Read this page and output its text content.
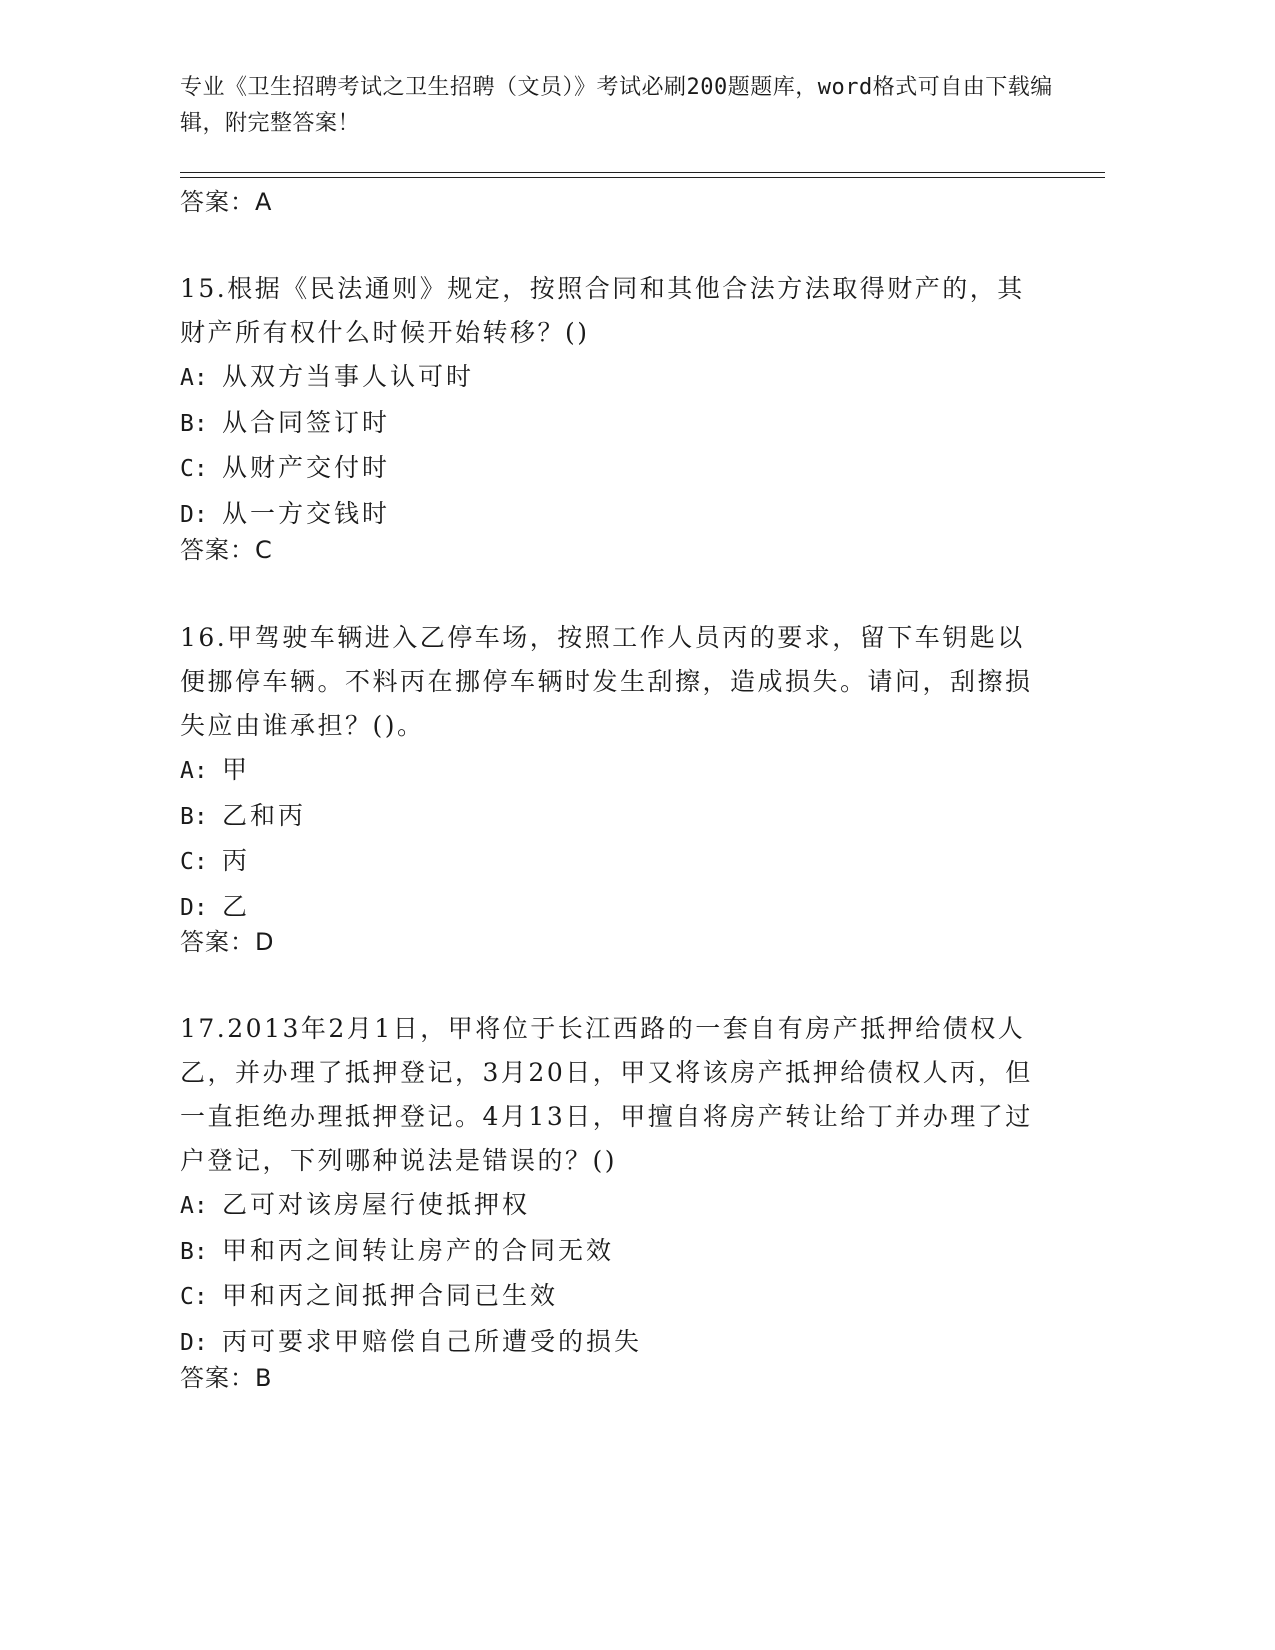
专业《卫生招聘考试之卫生招聘（文员）》考试必刷200题题库，word格式可自由下载编辑，附完整答案！
答案：A

15.根据《民法通则》规定，按照合同和其他合法方法取得财产的，其财产所有权什么时候开始转移？()

A: 从双方当事人认可时
B: 从合同签订时
C: 从财产交付时
D: 从一方交钱时
答案：C

16.甲驾驶车辆进入乙停车场，按照工作人员丙的要求，留下车钥匙以便挪停车辆。不料丙在挪停车辆时发生刮擦，造成损失。请问，刮擦损失应由谁承担？()。

A: 甲
B: 乙和丙
C: 丙
D: 乙
答案：D

17.2013年2月1日，甲将位于长江西路的一套自有房产抵押给债权人乙，并办理了抵押登记，3月20日，甲又将该房产抵押给债权人丙，但一直拒绝办理抵押登记。4月13日，甲擅自将房产转让给丁并办理了过户登记，下列哪种说法是错误的？()

A: 乙可对该房屋行使抵押权
B: 甲和丙之间转让房产的合同无效
C: 甲和丙之间抵押合同已生效
D: 丙可要求甲赔偿自己所遭受的损失
答案：B
